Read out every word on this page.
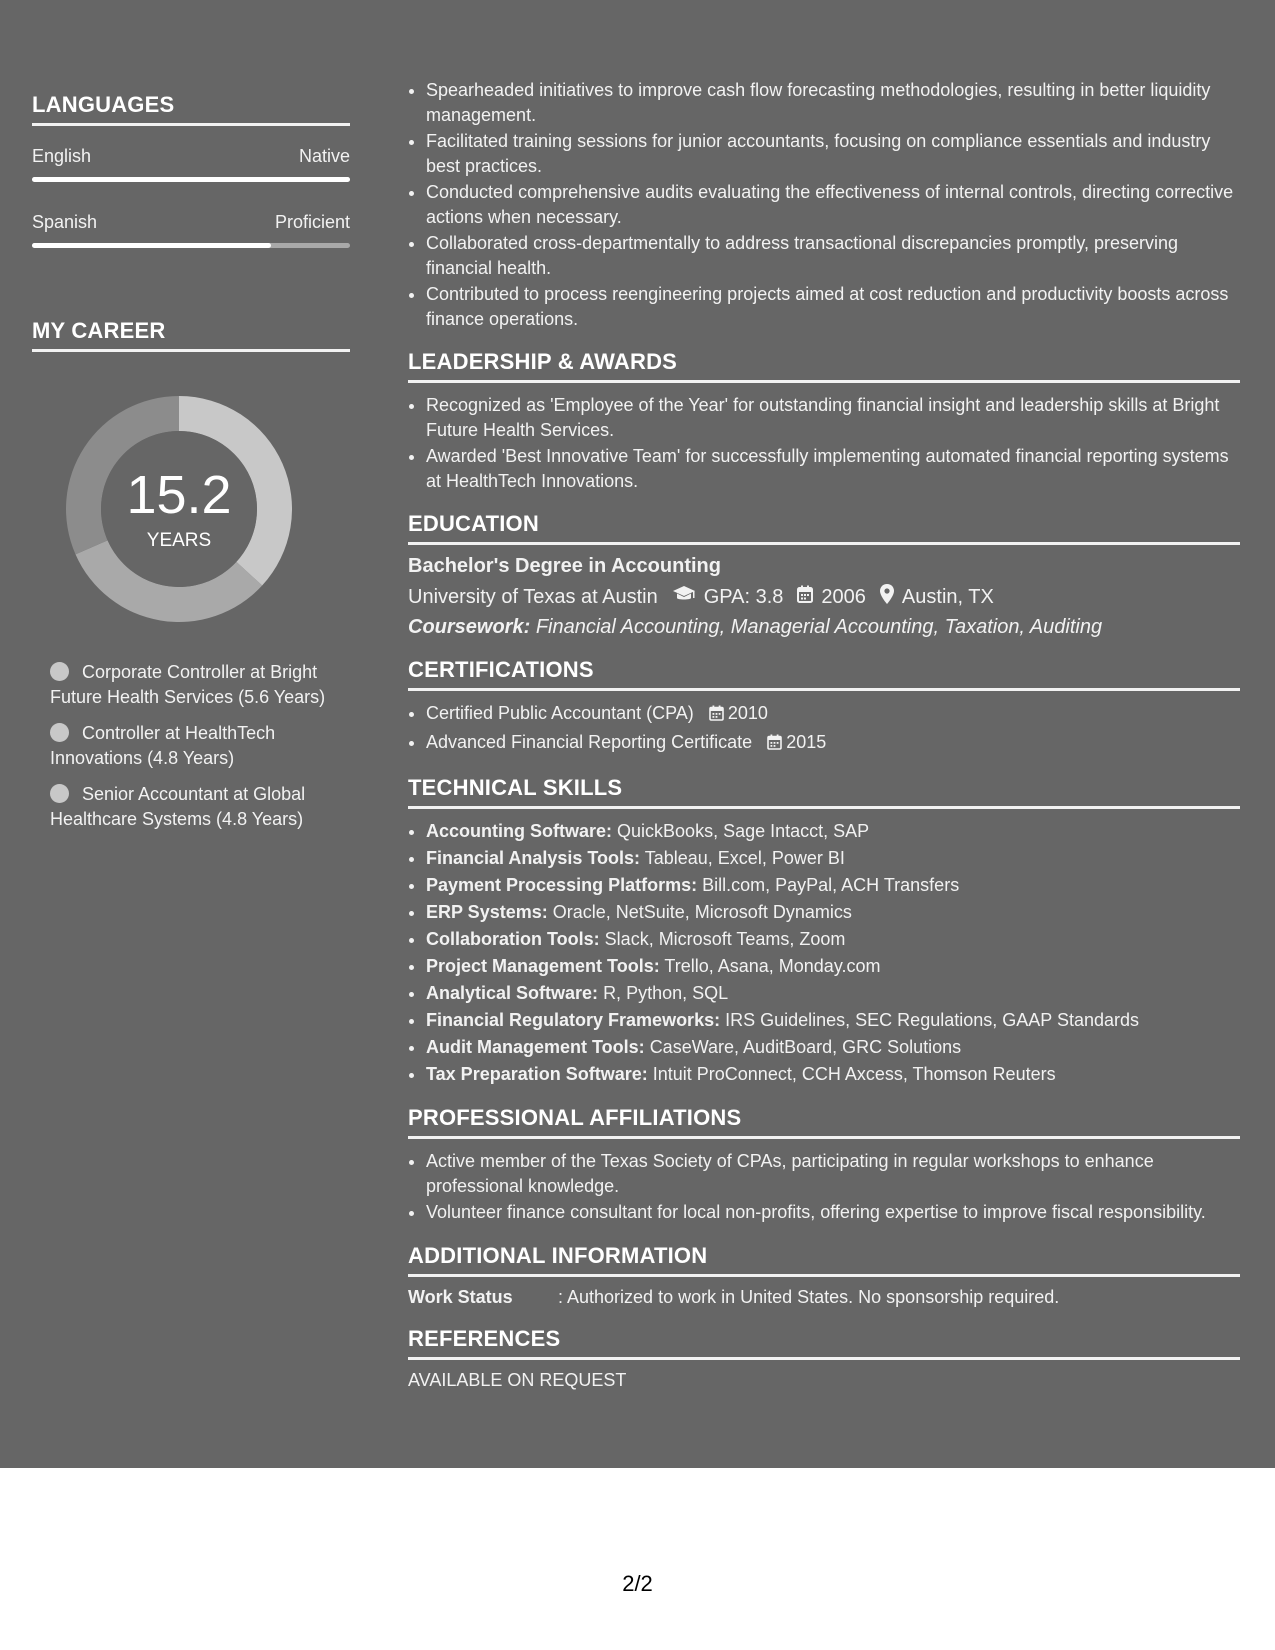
LANGUAGES
English	Native
Spanish	Proficient
MY CAREER
15.2
YEARS
Corporate Controller at Bright Future Health Services (5.6 Years)
Controller at HealthTech Innovations (4.8 Years)
Senior Accountant at Global Healthcare Systems (4.8 Years)
• Spearheaded initiatives to improve cash flow forecasting methodologies, resulting in better liquidity management.
• Facilitated training sessions for junior accountants, focusing on compliance essentials and industry best practices.
• Conducted comprehensive audits evaluating the effectiveness of internal controls, directing corrective actions when necessary.
• Collaborated cross-departmentally to address transactional discrepancies promptly, preserving financial health.
• Contributed to process reengineering projects aimed at cost reduction and productivity boosts across finance operations.
LEADERSHIP & AWARDS
• Recognized as 'Employee of the Year' for outstanding financial insight and leadership skills at Bright Future Health Services.
• Awarded 'Best Innovative Team' for successfully implementing automated financial reporting systems at HealthTech Innovations.
EDUCATION
Bachelor's Degree in Accounting
University of Texas at Austin GPA: 3.8 2006 Austin, TX
Coursework: Financial Accounting, Managerial Accounting, Taxation, Auditing
CERTIFICATIONS
• Certified Public Accountant (CPA) 2010
• Advanced Financial Reporting Certificate 2015
TECHNICAL SKILLS
• Accounting Software: QuickBooks, Sage Intacct, SAP
• Financial Analysis Tools: Tableau, Excel, Power BI
• Payment Processing Platforms: Bill.com, PayPal, ACH Transfers
• ERP Systems: Oracle, NetSuite, Microsoft Dynamics
• Collaboration Tools: Slack, Microsoft Teams, Zoom
• Project Management Tools: Trello, Asana, Monday.com
• Analytical Software: R, Python, SQL
• Financial Regulatory Frameworks: IRS Guidelines, SEC Regulations, GAAP Standards
• Audit Management Tools: CaseWare, AuditBoard, GRC Solutions
• Tax Preparation Software: Intuit ProConnect, CCH Axcess, Thomson Reuters
PROFESSIONAL AFFILIATIONS
• Active member of the Texas Society of CPAs, participating in regular workshops to enhance professional knowledge.
• Volunteer finance consultant for local non-profits, offering expertise to improve fiscal responsibility.
ADDITIONAL INFORMATION
Work Status	: Authorized to work in United States. No sponsorship required.
REFERENCES
AVAILABLE ON REQUEST
2/2
